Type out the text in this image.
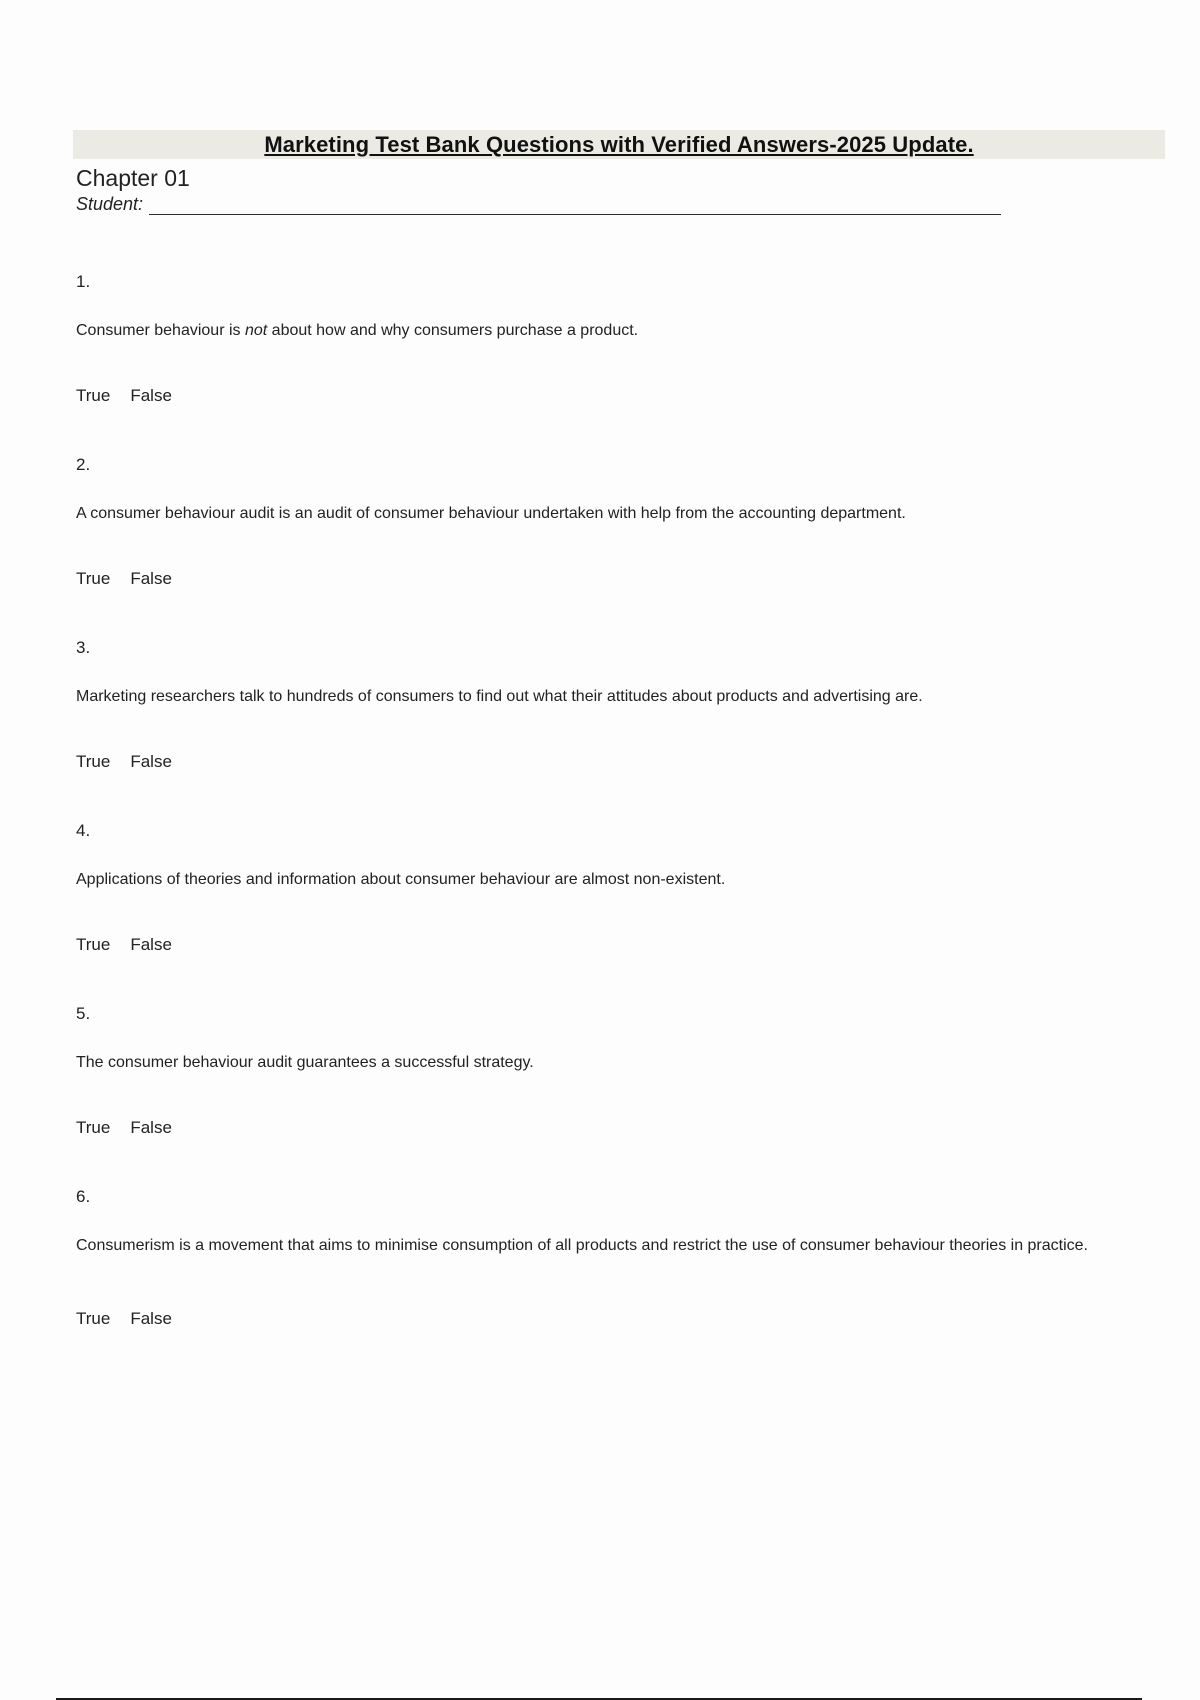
Marketing Test Bank Questions with Verified Answers-2025 Update.
Chapter 01
Student:
1.
Consumer behaviour is not about how and why consumers purchase a product.
True False
2.
A consumer behaviour audit is an audit of consumer behaviour undertaken with help from the accounting department.
True False
3.
Marketing researchers talk to hundreds of consumers to find out what their attitudes about products and advertising are.
True False
4.
Applications of theories and information about consumer behaviour are almost non-existent.
True False
5.
The consumer behaviour audit guarantees a successful strategy.
True False
6.
Consumerism is a movement that aims to minimise consumption of all products and restrict the use of consumer behaviour theories in practice.
True False
